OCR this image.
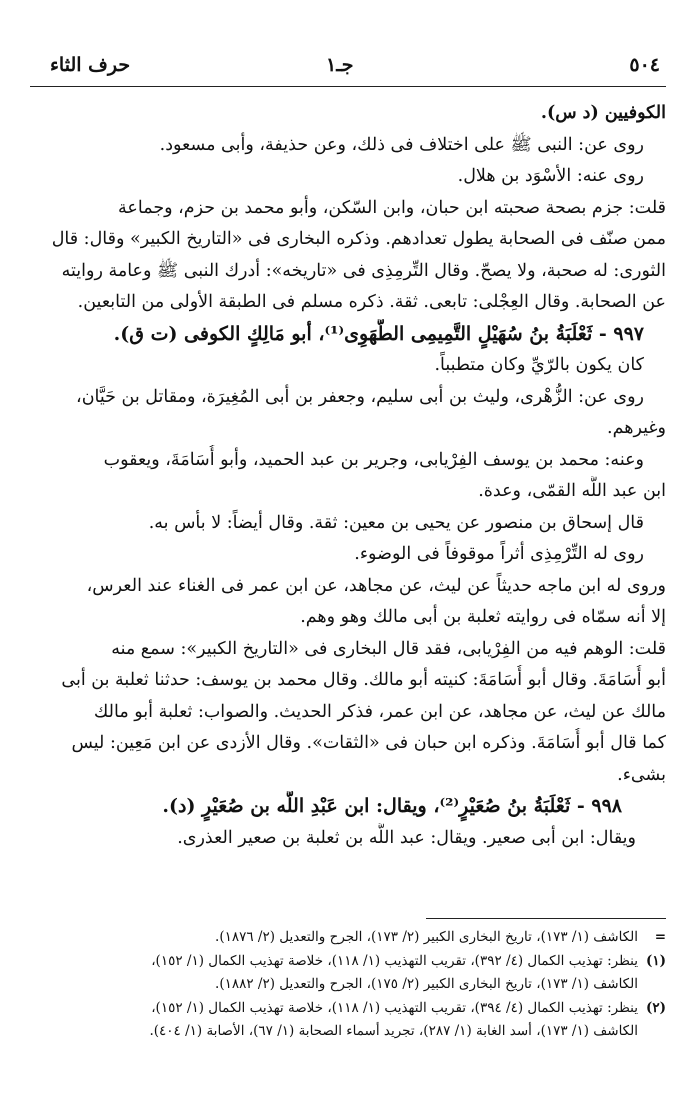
٥٠٤
جـ١
حرف الثاء
الكوفيين (د س).
روى عن: النبى ﷺ على اختلاف فى ذلك، وعن حذيفة، وأبى مسعود.
روى عنه: الأسْوَد بن هلال.
قلت: جزم بصحة صحبته ابن حبان، وابن السّكن، وأبو محمد بن حزم، وجماعة
ممن صنّف فى الصحابة يطول تعدادهم. وذكره البخارى فى «التاريخ الكبير» وقال: قال
الثورى: له صحبة، ولا يصحّ. وقال التِّرمِذِى فى «تاريخه»: أدرك النبى ﷺ وعامة روايته
عن الصحابة. وقال العِجْلى: تابعى. ثقة. ذكره مسلم فى الطبقة الأولى من التابعين.
٩٩٧ - ثَعْلَبَةُ بنُ سُهَيْلٍ التَّمِيمِى الطُّهَوِى⁽¹⁾، أبو مَالِكٍ الكوفى (ت ق).
كان يكون بالرّيِّ وكان متطبباً.
روى عن: الزُّهْرى، وليث بن أبى سليم، وجعفر بن أبى المُغِيرَة، ومقاتل بن حَيَّان،
وغيرهم.
وعنه: محمد بن يوسف الفِرْيابى، وجرير بن عبد الحميد، وأبو أُسَامَةَ، ويعقوب
ابن عبد اللَّه القمّى، وعدة.
قال إسحاق بن منصور عن يحيى بن معين: ثقة. وقال أيضاً: لا بأس به.
روى له التِّرْمِذِى أثراً موقوفاً فى الوضوء.
وروى له ابن ماجه حديثاً عن ليث، عن مجاهد، عن ابن عمر فى الغناء عند العرس،
إلا أنه سمّاه فى روايته ثعلبة بن أبى مالك وهو وهم.
قلت: الوهم فيه من الفِرْيابى، فقد قال البخارى فى «التاريخ الكبير»: سمع منه
أبو أُسَامَةَ. وقال أبو أُسَامَةَ: كنيته أبو مالك. وقال محمد بن يوسف: حدثنا ثعلبة بن أبى
مالك عن ليث، عن مجاهد، عن ابن عمر، فذكر الحديث. والصواب: ثعلبة أبو مالك
كما قال أبو أُسَامَةَ. وذكره ابن حبان فى «الثقات». وقال الأزدى عن ابن مَعِين: ليس
بشىء.
٩٩٨ - ثَعْلَبَةُ بنُ صُعَيْرٍ⁽²⁾، ويقال: ابن عَبْدِ اللَّه بن صُعَيْرٍ (د).
ويقال: ابن أبى صعير. ويقال: عبد اللَّه بن ثعلبة بن صعير العذرى.
=الكاشف (١/ ١٧٣)، تاريخ البخارى الكبير (٢/ ١٧٣)، الجرح والتعديل (٢/ ١٨٧٦).
(١)ينظر: تهذيب الكمال (٤/ ٣٩٢)، تقريب التهذيب (١/ ١١٨)، خلاصة تهذيب الكمال (١/ ١٥٢)،
الكاشف (١/ ١٧٣)، تاريخ البخارى الكبير (٢/ ١٧٥)، الجرح والتعديل (٢/ ١٨٨٢).
(٢)ينظر: تهذيب الكمال (٤/ ٣٩٤)، تقريب التهذيب (١/ ١١٨)، خلاصة تهذيب الكمال (١/ ١٥٢)،
الكاشف (١/ ١٧٣)، أسد الغابة (١/ ٢٨٧)، تجريد أسماء الصحابة (١/ ٦٧)، الأصابة (١/ ٤٠٤).
